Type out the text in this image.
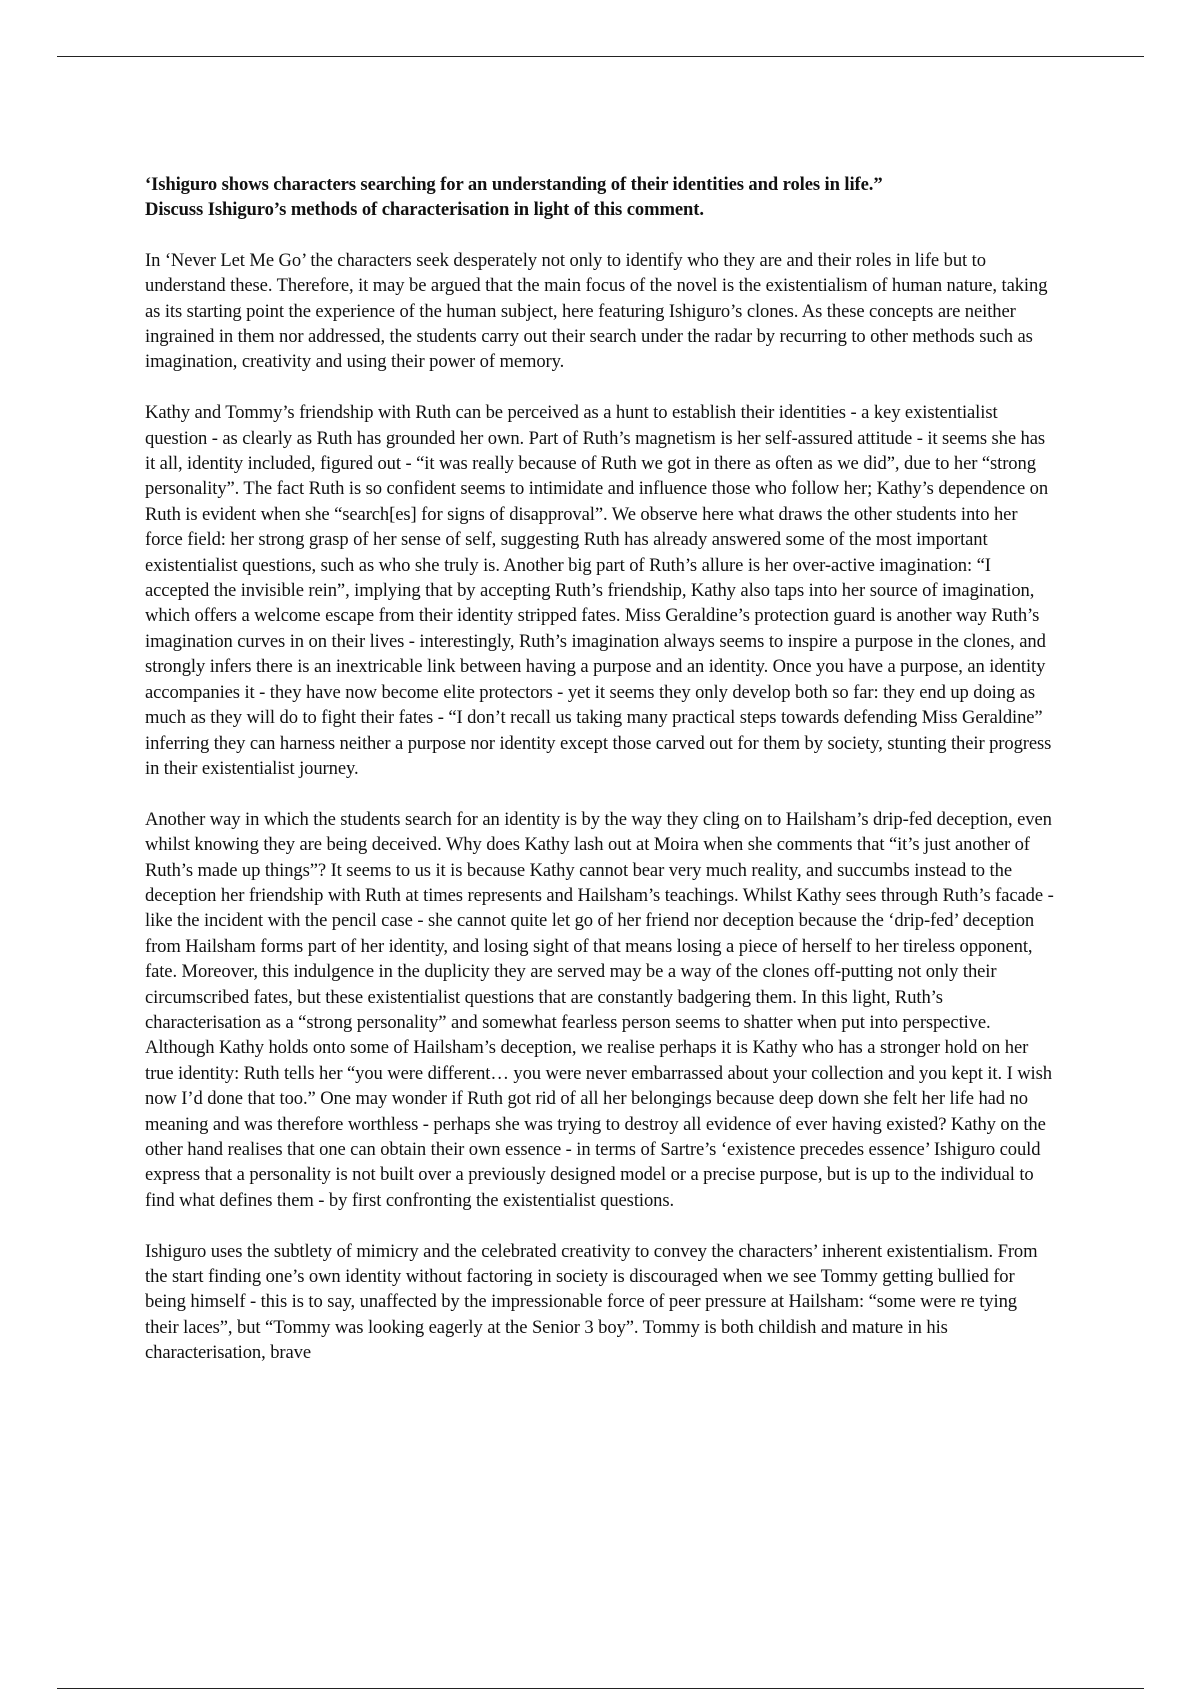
‘Ishiguro shows characters searching for an understanding of their identities and roles in life.”
Discuss Ishiguro’s methods of characterisation in light of this comment.

In ‘Never Let Me Go’ the characters seek desperately not only to identify who they are and their roles in life but to understand these. Therefore, it may be argued that the main focus of the novel is the existentialism of human nature, taking as its starting point the experience of the human subject, here featuring Ishiguro’s clones. As these concepts are neither ingrained in them nor addressed, the students carry out their search under the radar by recurring to other methods such as imagination, creativity and using their power of memory.

Kathy and Tommy’s friendship with Ruth can be perceived as a hunt to establish their identities - a key existentialist question - as clearly as Ruth has grounded her own. Part of Ruth’s magnetism is her self-assured attitude - it seems she has it all, identity included, figured out - “it was really because of Ruth we got in there as often as we did”, due to her “strong personality”. The fact Ruth is so confident seems to intimidate and influence those who follow her; Kathy’s dependence on Ruth is evident when she “search[es] for signs of disapproval”. We observe here what draws the other students into her force field: her strong grasp of her sense of self, suggesting Ruth has already answered some of the most important existentialist questions, such as who she truly is. Another big part of Ruth’s allure is her over-active imagination: “I accepted the invisible rein”, implying that by accepting Ruth’s friendship, Kathy also taps into her source of imagination, which offers a welcome escape from their identity stripped fates. Miss Geraldine’s protection guard is another way Ruth’s imagination curves in on their lives - interestingly, Ruth’s imagination always seems to inspire a purpose in the clones, and strongly infers there is an inextricable link between having a purpose and an identity. Once you have a purpose, an identity accompanies it - they have now become elite protectors - yet it seems they only develop both so far: they end up doing as much as they will do to fight their fates - “I don’t recall us taking many practical steps towards defending Miss Geraldine” inferring they can harness neither a purpose nor identity except those carved out for them by society, stunting their progress in their existentialist journey.

Another way in which the students search for an identity is by the way they cling on to Hailsham’s drip-fed deception, even whilst knowing they are being deceived. Why does Kathy lash out at Moira when she comments that “it’s just another of Ruth’s made up things”? It seems to us it is because Kathy cannot bear very much reality, and succumbs instead to the deception her friendship with Ruth at times represents and Hailsham’s teachings. Whilst Kathy sees through Ruth’s facade - like the incident with the pencil case - she cannot quite let go of her friend nor deception because the ‘drip-fed’ deception from Hailsham forms part of her identity, and losing sight of that means losing a piece of herself to her tireless opponent, fate. Moreover, this indulgence in the duplicity they are served may be a way of the clones off-putting not only their circumscribed fates, but these existentialist questions that are constantly badgering them. In this light, Ruth’s characterisation as a “strong personality” and somewhat fearless person seems to shatter when put into perspective. Although Kathy holds onto some of Hailsham’s deception, we realise perhaps it is Kathy who has a stronger hold on her true identity: Ruth tells her “you were different… you were never embarrassed about your collection and you kept it. I wish now I’d done that too.” One may wonder if Ruth got rid of all her belongings because deep down she felt her life had no meaning and was therefore worthless - perhaps she was trying to destroy all evidence of ever having existed? Kathy on the other hand realises that one can obtain their own essence - in terms of Sartre’s ‘existence precedes essence’ Ishiguro could express that a personality is not built over a previously designed model or a precise purpose, but is up to the individual to find what defines them - by first confronting the existentialist questions.

Ishiguro uses the subtlety of mimicry and the celebrated creativity to convey the characters’ inherent existentialism. From the start finding one’s own identity without factoring in society is discouraged when we see Tommy getting bullied for being himself - this is to say, unaffected by the impressionable force of peer pressure at Hailsham: “some were re tying their laces”, but “Tommy was looking eagerly at the Senior 3 boy”. Tommy is both childish and mature in his characterisation, brave
